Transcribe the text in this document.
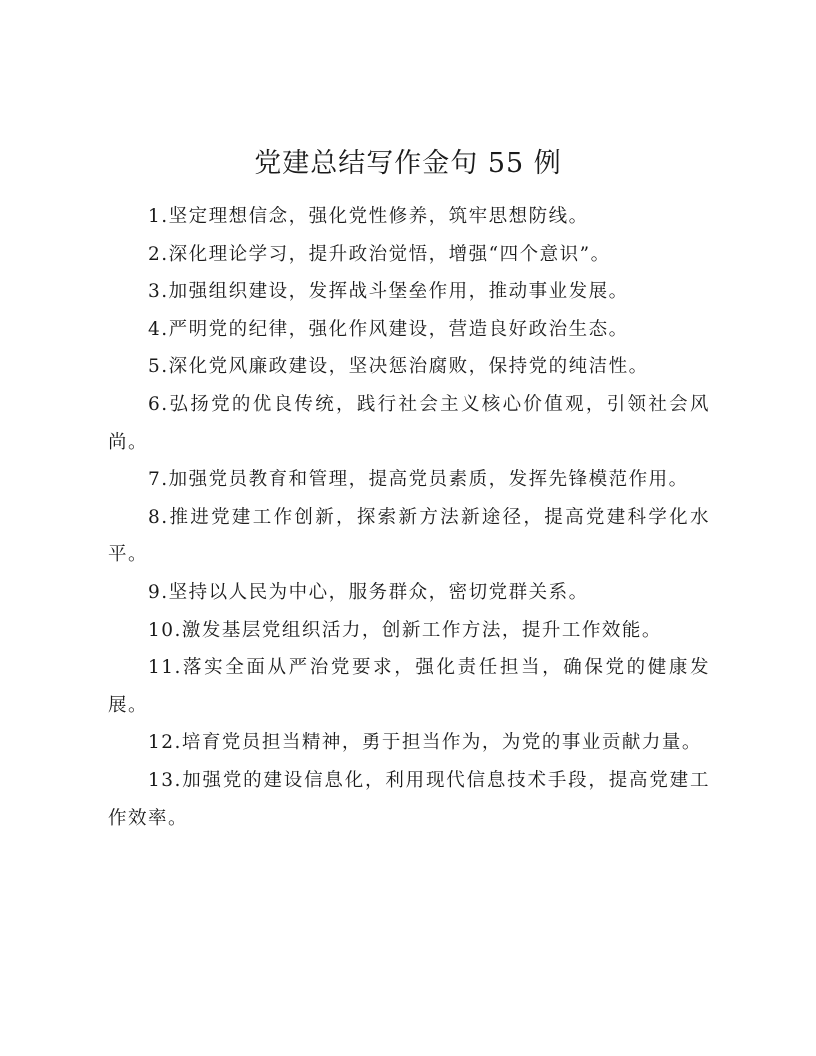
党建总结写作金句 55 例

1.坚定理想信念，强化党性修养，筑牢思想防线。

2.深化理论学习，提升政治觉悟，增强“四个意识”。

3.加强组织建设，发挥战斗堡垒作用，推动事业发展。

4.严明党的纪律，强化作风建设，营造良好政治生态。

5.深化党风廉政建设，坚决惩治腐败，保持党的纯洁性。

6.弘扬党的优良传统，践行社会主义核心价值观，引领社会风尚。

7.加强党员教育和管理，提高党员素质，发挥先锋模范作用。

8.推进党建工作创新，探索新方法新途径，提高党建科学化水平。

9.坚持以人民为中心，服务群众，密切党群关系。

10.激发基层党组织活力，创新工作方法，提升工作效能。

11.落实全面从严治党要求，强化责任担当，确保党的健康发展。

12.培育党员担当精神，勇于担当作为，为党的事业贡献力量。

13.加强党的建设信息化，利用现代信息技术手段，提高党建工作效率。
